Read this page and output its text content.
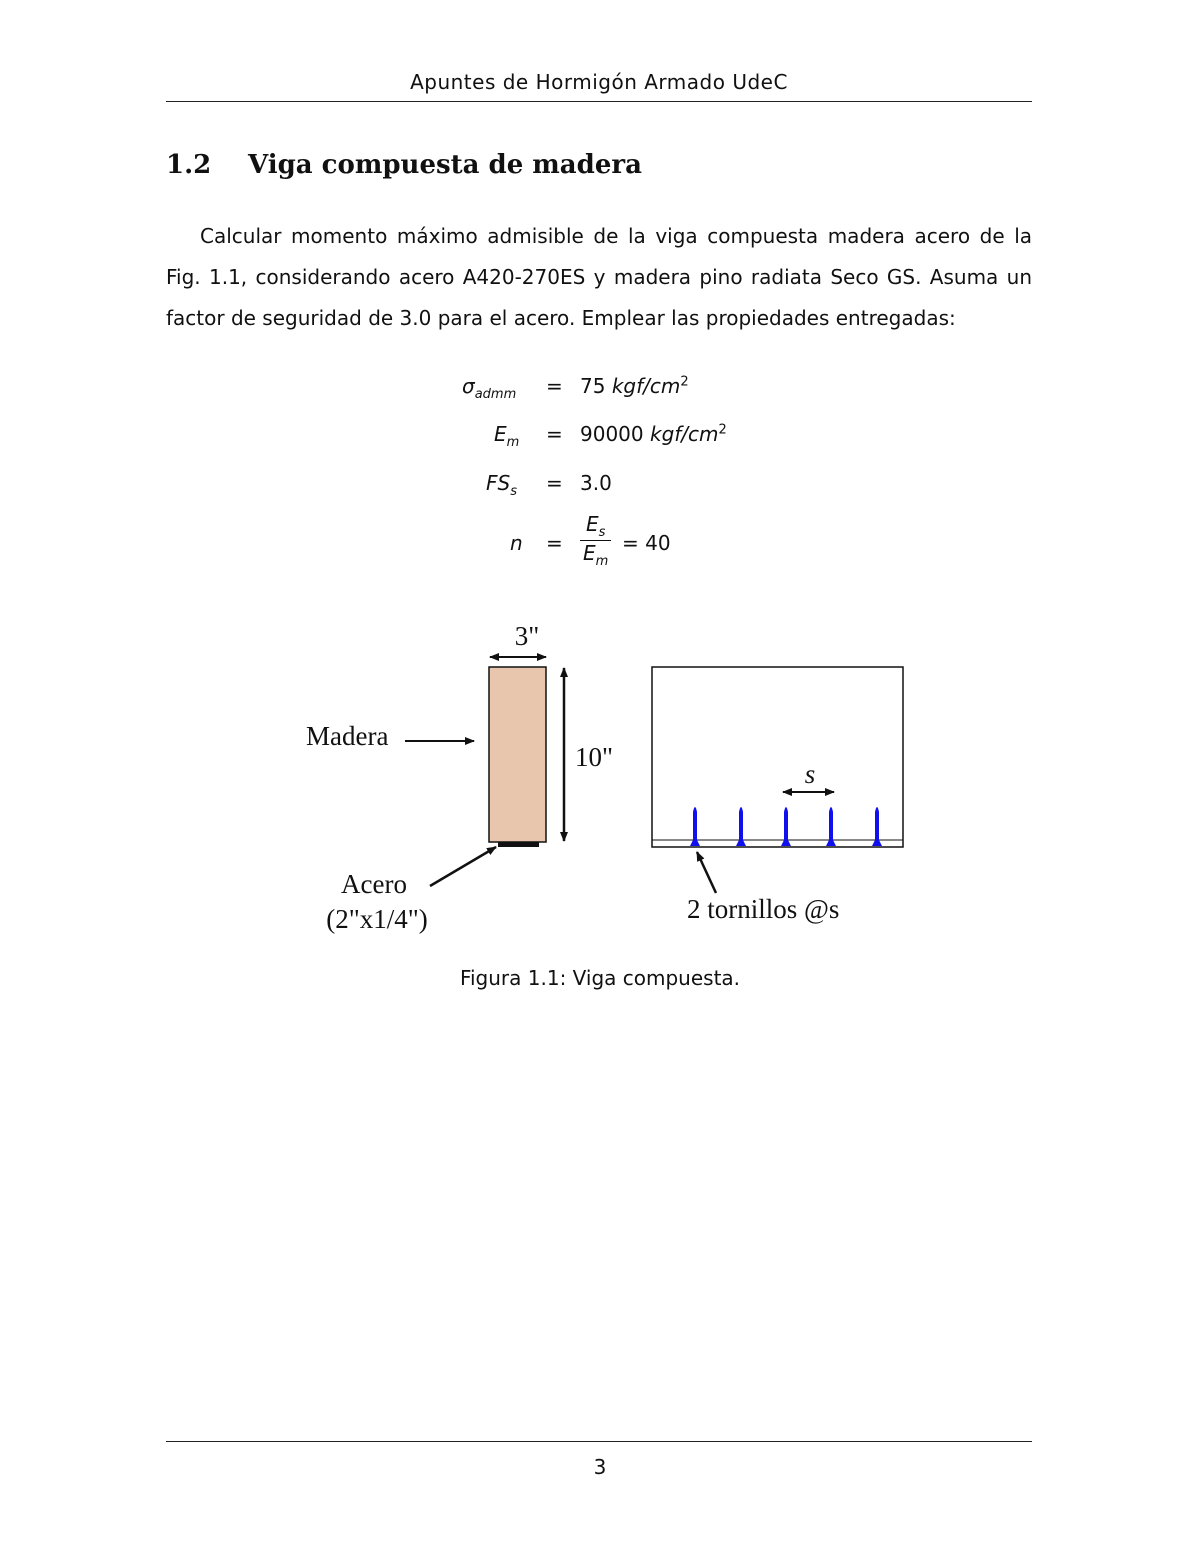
Apuntes de Hormigón Armado UdeC
1.2 Viga compuesta de madera

Calcular momento máximo admisible de la viga compuesta madera acero de la Fig. 1.1, considerando acero A420-270ES y madera pino radiata Seco GS. Asuma un factor de seguridad de 3.0 para el acero. Emplear las propiedades entregadas:

$\sigma_{admm} = 75$ kgf/$cm^2$
$E_m = 90000$ kgf/$cm^2$
$FS_s = 3.0$
$n = \frac{E_s}{E_m} = 40$
3"
10"
Madera
Acero
(2"x1/4")
s
2 tornillos @s
Figura 1.1: Viga compuesta.
3
